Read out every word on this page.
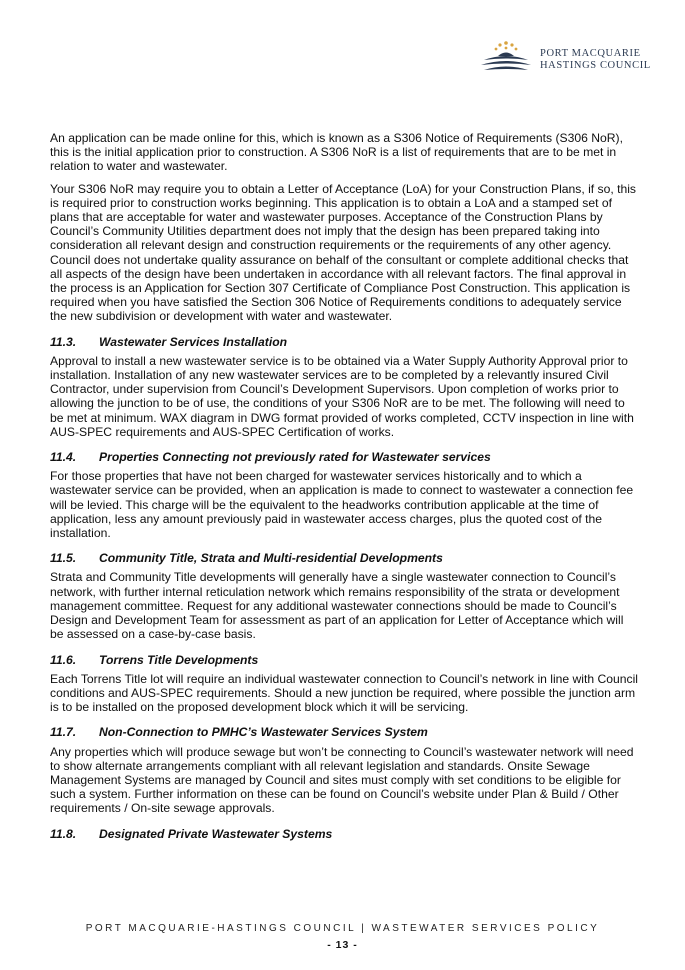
PORT MACQUARIE
HASTINGS COUNCIL

An application can be made online for this, which is known as a S306 Notice of Requirements (S306 NoR), this is the initial application prior to construction. A S306 NoR is a list of requirements that are to be met in relation to water and wastewater.

Your S306 NoR may require you to obtain a Letter of Acceptance (LoA) for your Construction Plans, if so, this is required prior to construction works beginning. This application is to obtain a LoA and a stamped set of plans that are acceptable for water and wastewater purposes. Acceptance of the Construction Plans by Council’s Community Utilities department does not imply that the design has been prepared taking into consideration all relevant design and construction requirements or the requirements of any other agency. Council does not undertake quality assurance on behalf of the consultant or complete additional checks that all aspects of the design have been undertaken in accordance with all relevant factors. The final approval in the process is an Application for Section 307 Certificate of Compliance Post Construction. This application is required when you have satisfied the Section 306 Notice of Requirements conditions to adequately service the new subdivision or development with water and wastewater.

11.3.	Wastewater Services Installation

Approval to install a new wastewater service is to be obtained via a Water Supply Authority Approval prior to installation. Installation of any new wastewater services are to be completed by a relevantly insured Civil Contractor, under supervision from Council’s Development Supervisors. Upon completion of works prior to allowing the junction to be of use, the conditions of your S306 NoR are to be met. The following will need to be met at minimum. WAX diagram in DWG format provided of works completed, CCTV inspection in line with AUS-SPEC requirements and AUS-SPEC Certification of works.

11.4.	Properties Connecting not previously rated for Wastewater services

For those properties that have not been charged for wastewater services historically and to which a wastewater service can be provided, when an application is made to connect to wastewater a connection fee will be levied. This charge will be the equivalent to the headworks contribution applicable at the time of application, less any amount previously paid in wastewater access charges, plus the quoted cost of the installation.

11.5.	Community Title, Strata and Multi-residential Developments

Strata and Community Title developments will generally have a single wastewater connection to Council’s network, with further internal reticulation network which remains responsibility of the strata or development management committee. Request for any additional wastewater connections should be made to Council’s Design and Development Team for assessment as part of an application for Letter of Acceptance which will be assessed on a case-by-case basis.

11.6.	Torrens Title Developments

Each Torrens Title lot will require an individual wastewater connection to Council’s network in line with Council conditions and AUS-SPEC requirements. Should a new junction be required, where possible the junction arm is to be installed on the proposed development block which it will be servicing.

11.7.	Non-Connection to PMHC’s Wastewater Services System

Any properties which will produce sewage but won’t be connecting to Council’s wastewater network will need to show alternate arrangements compliant with all relevant legislation and standards. Onsite Sewage Management Systems are managed by Council and sites must comply with set conditions to be eligible for such a system. Further information on these can be found on Council’s website under Plan & Build / Other requirements / On-site sewage approvals.

11.8.	Designated Private Wastewater Systems
PORT MACQUARIE-HASTINGS COUNCIL | WASTEWATER SERVICES POLICY
- 13 -
